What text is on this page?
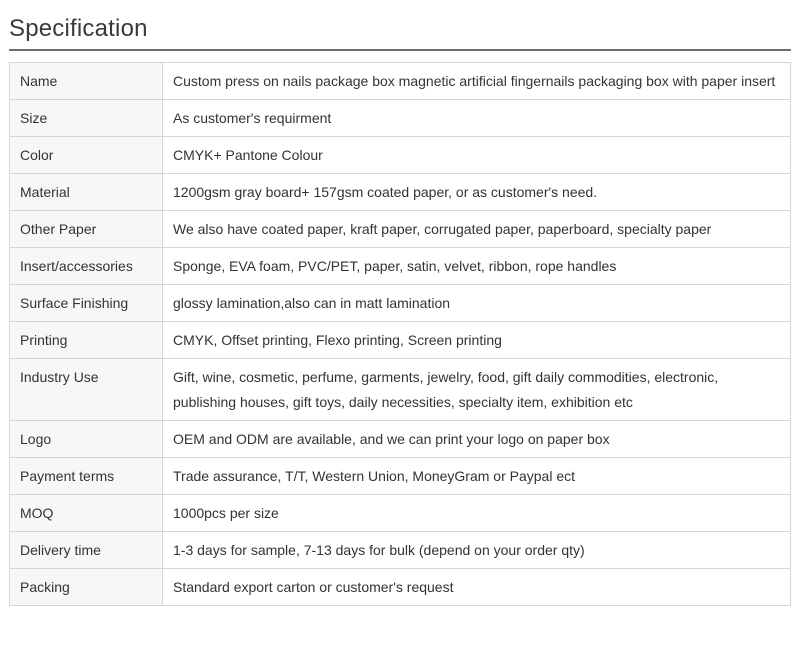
Specification
Name	Custom press on nails package box magnetic artificial fingernails packaging box with paper insert
Size	As customer's requirment
Color	CMYK+ Pantone Colour
Material	1200gsm gray board+ 157gsm coated paper, or as customer's need.
Other Paper	We also have coated paper, kraft paper, corrugated paper, paperboard, specialty paper
Insert/accessories	Sponge, EVA foam, PVC/PET, paper, satin, velvet, ribbon, rope handles
Surface Finishing	glossy lamination,also can in matt lamination
Printing	CMYK, Offset printing, Flexo printing, Screen printing
Industry Use	Gift, wine, cosmetic, perfume, garments, jewelry, food, gift daily commodities, electronic, publishing houses, gift toys, daily necessities, specialty item, exhibition etc
Logo	OEM and ODM are available, and we can print your logo on paper box
Payment terms	Trade assurance, T/T, Western Union, MoneyGram or Paypal ect
MOQ	1000pcs per size
Delivery time	1-3 days for sample, 7-13 days for bulk (depend on your order qty)
Packing	Standard export carton or customer's request
